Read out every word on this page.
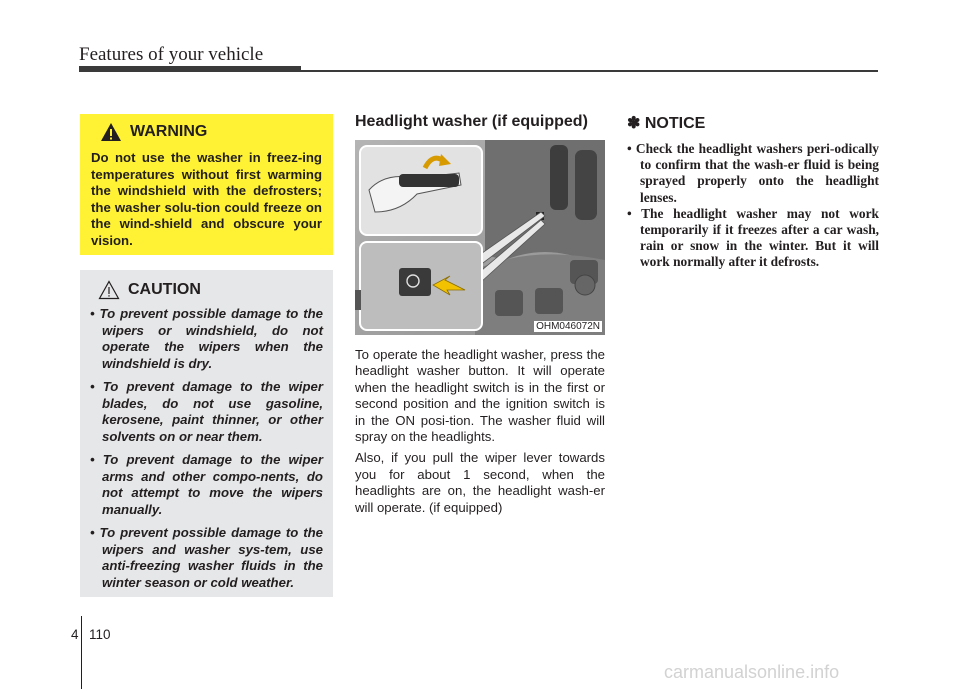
Features of your vehicle
WARNING
Do not use the washer in freez-ing temperatures without first warming the windshield with the defrosters; the washer solu-tion could freeze on the wind-shield and obscure your vision.
CAUTION
• To prevent possible damage to the wipers or windshield, do not operate the wipers when the windshield is dry.
• To prevent damage to the wiper blades, do not use gasoline, kerosene, paint thinner, or other solvents on or near them.
• To prevent damage to the wiper arms and other compo-nents, do not attempt to move the wipers manually.
• To prevent possible damage to the wipers and washer sys-tem, use anti-freezing washer fluids in the winter season or cold weather.
Headlight washer (if equipped)
OHM046072N

To operate the headlight washer, press the headlight washer button. It will operate when the headlight switch is in the first or second position and the ignition switch is in the ON posi-tion. The washer fluid will spray on the headlights.

Also, if you pull the wiper lever towards you for about 1 second, when the headlights are on, the headlight wash-er will operate. (if equipped)

✽ NOTICE
• Check the headlight washers peri-odically to confirm that the wash-er fluid is being sprayed properly onto the headlight lenses.
• The headlight washer may not work temporarily if it freezes after a car wash, rain or snow in the winter. But it will work normally after it defrosts.
4 110
carmanualsonline.info
